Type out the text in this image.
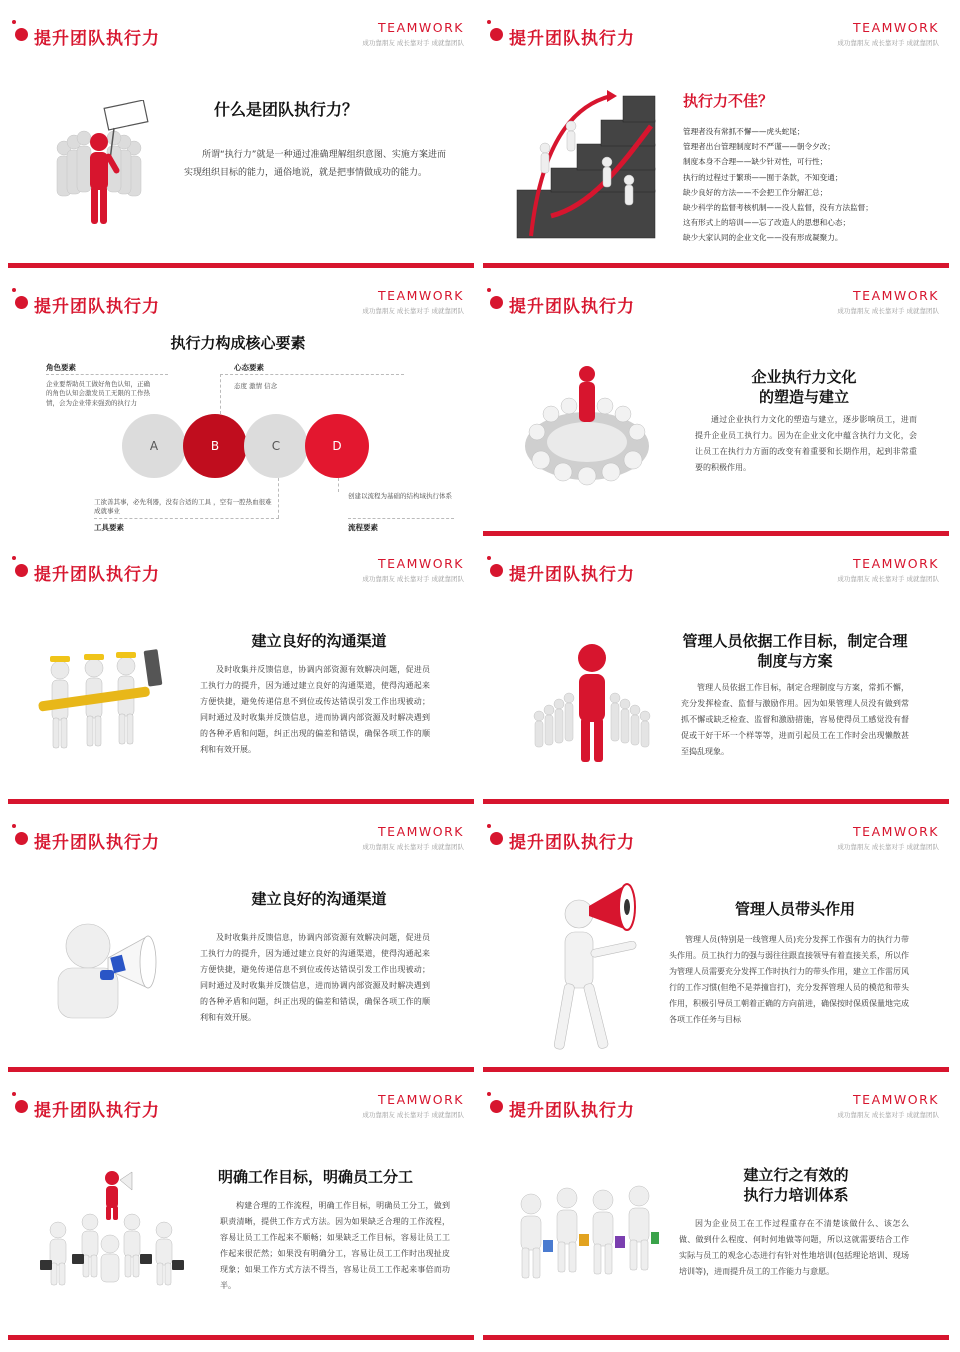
提升团队执行力
TEAMWORK
成功靠朋友 成长靠对手 成就靠团队
什么是团队执行力？
所谓“执行力”就是一种通过准确理解组织意图、实施方案进而实现组织目标的能力，通俗地说，就是把事情做成功的能力。
提升团队执行力
TEAMWORK
成功靠朋友 成长靠对手 成就靠团队
执行力不佳？
管理者没有常抓不懈——虎头蛇尾；
管理者出台管理制度时不严谨——朝令夕改；
制度本身不合理——缺少针对性，可行性；
执行的过程过于繁琐——囿于条款，不知变通；
缺少良好的方法——不会把工作分解汇总；
缺少科学的监督考核机制——没人监督，没有方法监督；
这有形式上的培训——忘了改造人的思想和心态；
缺少大家认同的企业文化——没有形成凝聚力。
提升团队执行力
TEAMWORK
成功靠朋友 成长靠对手 成就靠团队
执行力构成核心要素
角色要素
企业要帮助员工做好角色认知，正确的角色认知会激发员工无限的工作热情，会为企业带来强劲的执行力
心态要素
态度 激情 信念
A	B	C	D
工欲善其事，必先利器，没有合适的工具 ，空有一腔热血很难成就事业
工具要素
创建以流程为基础的结构域执行体系
流程要素
提升团队执行力
TEAMWORK
成功靠朋友 成长靠对手 成就靠团队
企业执行力文化
的塑造与建立
通过企业执行力文化的塑造与建立，逐步影响员工，进而提升企业员工执行力。因为在企业文化中蕴含执行力文化，会让员工在执行力方面的改变有着重要和长期作用，起到非常重要的积极作用。
提升团队执行力
TEAMWORK
成功靠朋友 成长靠对手 成就靠团队
建立良好的沟通渠道
及时收集并反馈信息，协调内部资源有效解决问题，促进员工执行力的提升，因为通过建立良好的沟通渠道，使得沟通起来方便快捷，避免传递信息不到位或传达错误引发工作出现被动；同时通过及时收集并反馈信息，进而协调内部资源及时解决遇到的各种矛盾和问题，纠正出现的偏差和错误，确保各项工作的顺利和有效开展。
提升团队执行力
TEAMWORK
成功靠朋友 成长靠对手 成就靠团队
管理人员依据工作目标，制定合理制度与方案
管理人员依据工作目标，制定合理制度与方案，常抓不懈，充分发挥检查、监督与激励作用。因为如果管理人员没有做到常抓不懈或缺乏检查、监督和激励措施，容易使得员工感觉没有督促或干好干坏一个样等等，进而引起员工在工作时会出现懒散甚至捣乱现象。
提升团队执行力
TEAMWORK
成功靠朋友 成长靠对手 成就靠团队
建立良好的沟通渠道
及时收集并反馈信息，协调内部资源有效解决问题，促进员工执行力的提升，因为通过建立良好的沟通渠道，使得沟通起来方便快捷，避免传递信息不到位或传达错误引发工作出现被动；同时通过及时收集并反馈信息，进而协调内部资源及时解决遇到的各种矛盾和问题，纠正出现的偏差和错误，确保各项工作的顺利和有效开展。
提升团队执行力
TEAMWORK
成功靠朋友 成长靠对手 成就靠团队
管理人员带头作用
管理人员(特别是一线管理人员)充分发挥工作强有力的执行力带头作用。员工执行力的强与弱往往跟直接领导有着直接关系，所以作为管理人员需要充分发挥工作时执行力的带头作用，建立工作雷厉风行的工作习惯(但绝不是莽撞盲打)，充分发挥管理人员的模范和带头作用，积极引导员工朝着正确的方向前进，确保按时保质保量地完成各项工作任务与目标
提升团队执行力
TEAMWORK
成功靠朋友 成长靠对手 成就靠团队
明确工作目标，明确员工分工
构建合理的工作流程，明确工作目标，明确员工分工，做到职责清晰，提供工作方式方法。因为如果缺乏合理的工作流程，容易让员工工作起来不顺畅；如果缺乏工作目标，容易让员工工作起来很茫然；如果没有明确分工，容易让员工工作时出现扯皮现象；如果工作方式方法不得当，容易让员工工作起来事倍而功半。
提升团队执行力
TEAMWORK
成功靠朋友 成长靠对手 成就靠团队
建立行之有效的
执行力培训体系
因为企业员工在工作过程重存在不清楚该做什么、该怎么做、做到什么程度、何时何地做等问题，所以这就需要结合工作实际与员工的观念心态进行有针对性地培训(包括理论培训、现场培训等)，进而提升员工的工作能力与意愿。
